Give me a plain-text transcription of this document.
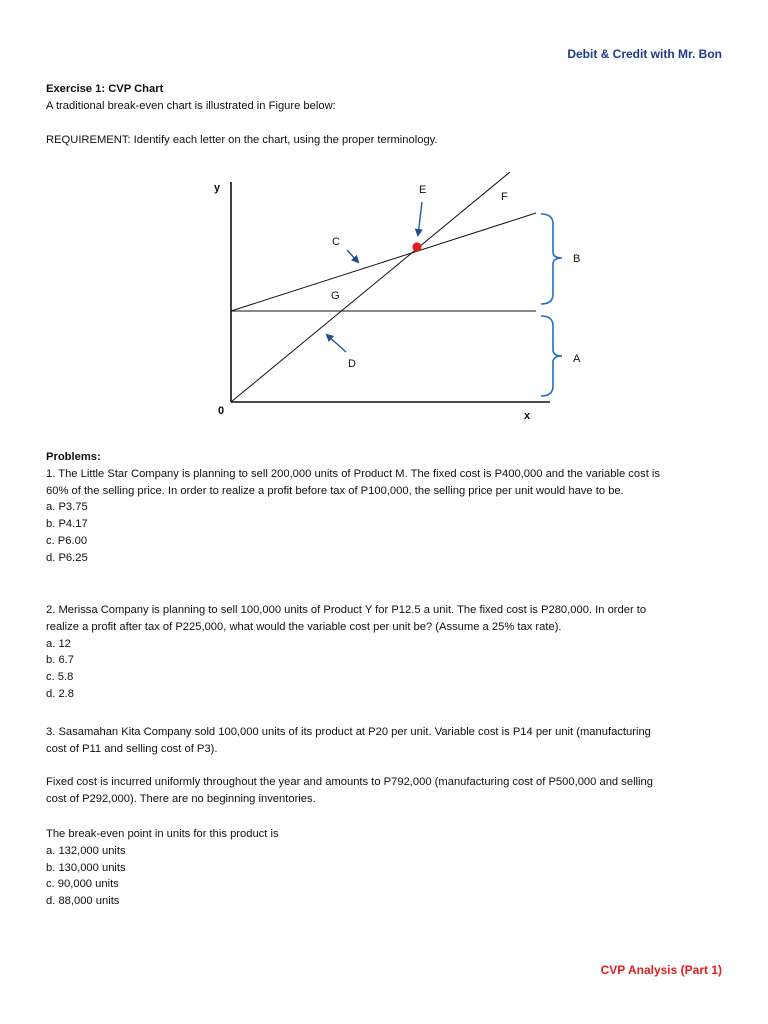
Debit & Credit with Mr. Bon
Exercise 1: CVP Chart
A traditional break-even chart is illustrated in Figure below:
REQUIREMENT: Identify each letter on the chart, using the proper terminology.
y
0	x
E
F
C
G
D
B
A
Problems:
1. The Little Star Company is planning to sell 200,000 units of Product M. The fixed cost is P400,000 and the variable cost is
60% of the selling price. In order to realize a profit before tax of P100,000, the selling price per unit would have to be.
a. P3.75
b. P4.17
c. P6.00
d. P6.25
2. Merissa Company is planning to sell 100,000 units of Product Y for P12.5 a unit. The fixed cost is P280,000. In order to
realize a profit after tax of P225,000, what would the variable cost per unit be? (Assume a 25% tax rate).
a. 12
b. 6.7
c. 5.8
d. 2.8
3. Sasamahan Kita Company sold 100,000 units of its product at P20 per unit. Variable cost is P14 per unit (manufacturing
cost of P11 and selling cost of P3).
Fixed cost is incurred uniformly throughout the year and amounts to P792,000 (manufacturing cost of P500,000 and selling
cost of P292,000). There are no beginning inventories.
The break-even point in units for this product is
a. 132,000 units
b. 130,000 units
c. 90,000 units
d. 88,000 units
CVP Analysis (Part 1)
